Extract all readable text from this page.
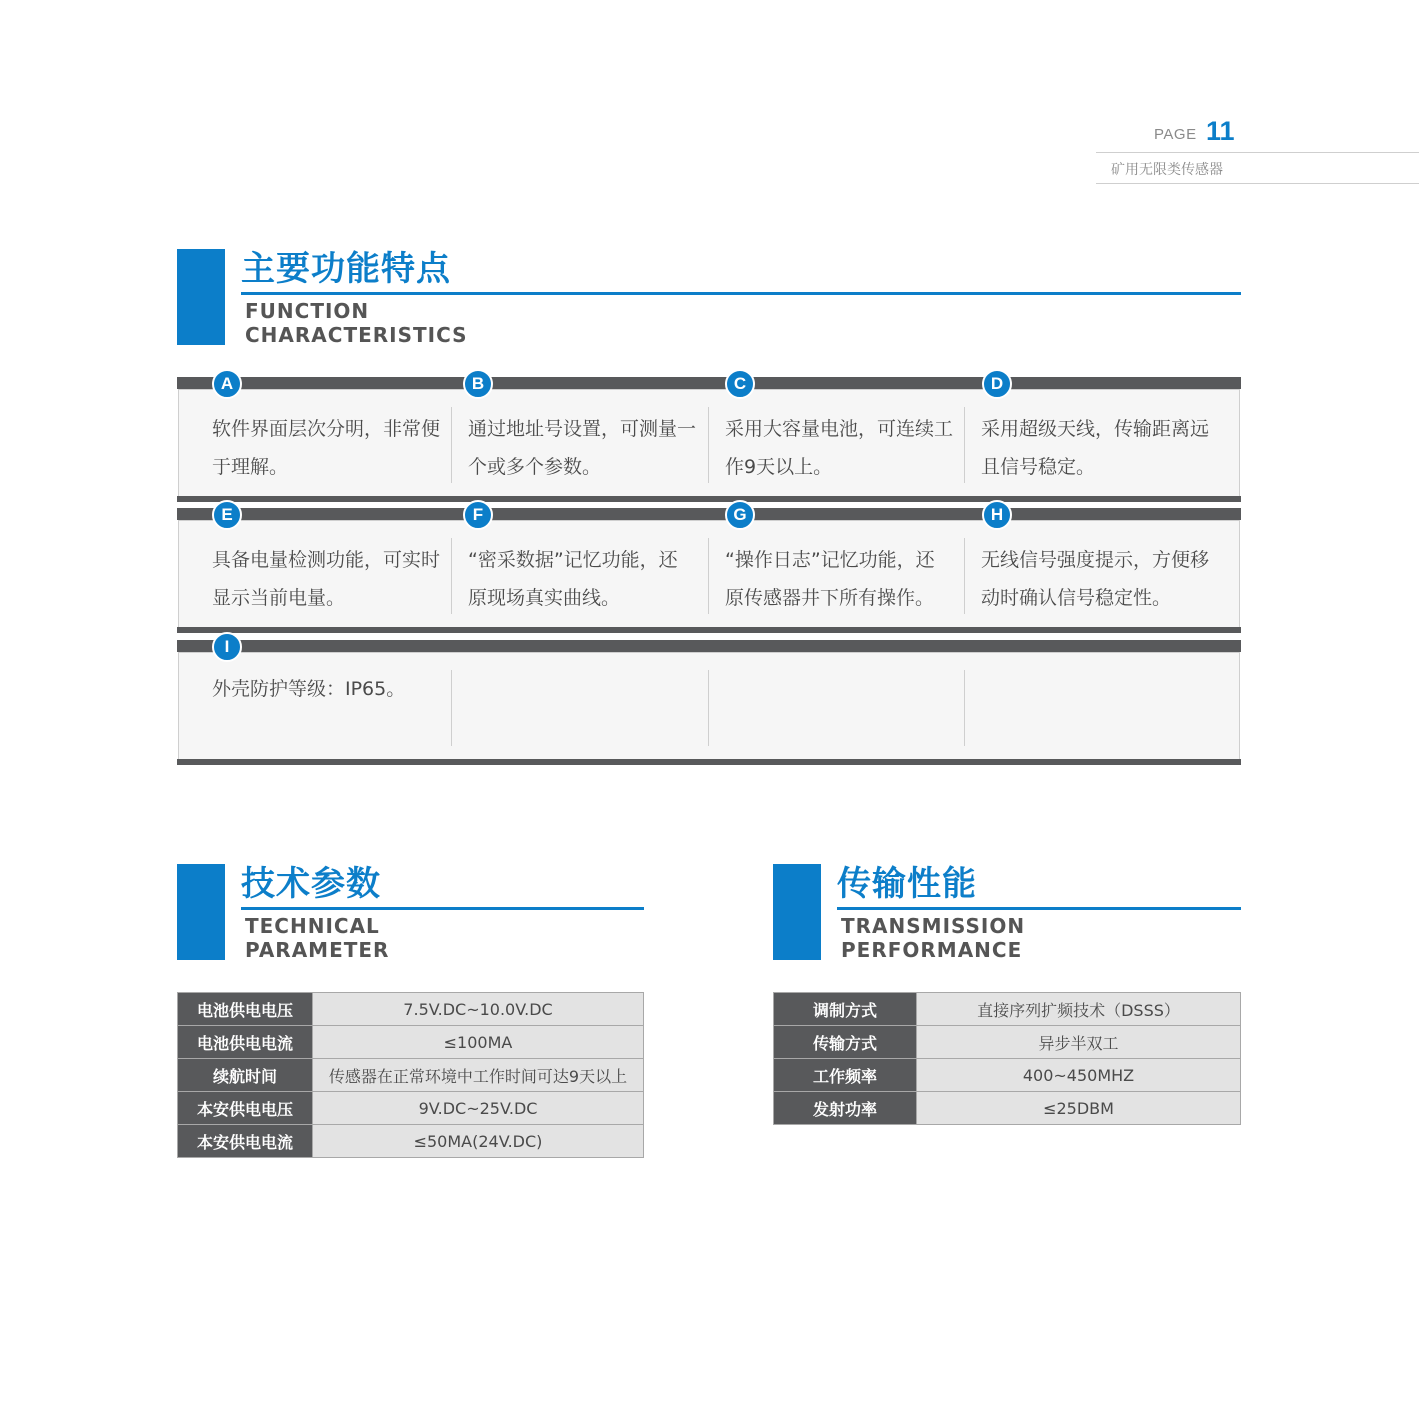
PAGE 11
矿用无限类传感器
主要功能特点
FUNCTION
CHARACTERISTICS
A	B	C	D
软件界面层次分明，非常便于理解。
通过地址号设置，可测量一个或多个参数。
采用大容量电池，可连续工作9天以上。
采用超级天线，传输距离远且信号稳定。
E	F	G	H
具备电量检测功能，可实时显示当前电量。
“密采数据”记忆功能，还原现场真实曲线。
“操作日志”记忆功能，还原传感器井下所有操作。
无线信号强度提示，方便移动时确认信号稳定性。
I
外壳防护等级：IP65。
技术参数
TECHNICAL
PARAMETER
传输性能
TRANSMISSION
PERFORMANCE
电池供电电压	7.5V.DC~10.0V.DC
电池供电电流	≤100MA
续航时间	传感器在正常环境中工作时间可达9天以上
本安供电电压	9V.DC~25V.DC
本安供电电流	≤50MA(24V.DC)
调制方式	直接序列扩频技术（DSSS）
传输方式	异步半双工
工作频率	400~450MHZ
发射功率	≤25DBM
